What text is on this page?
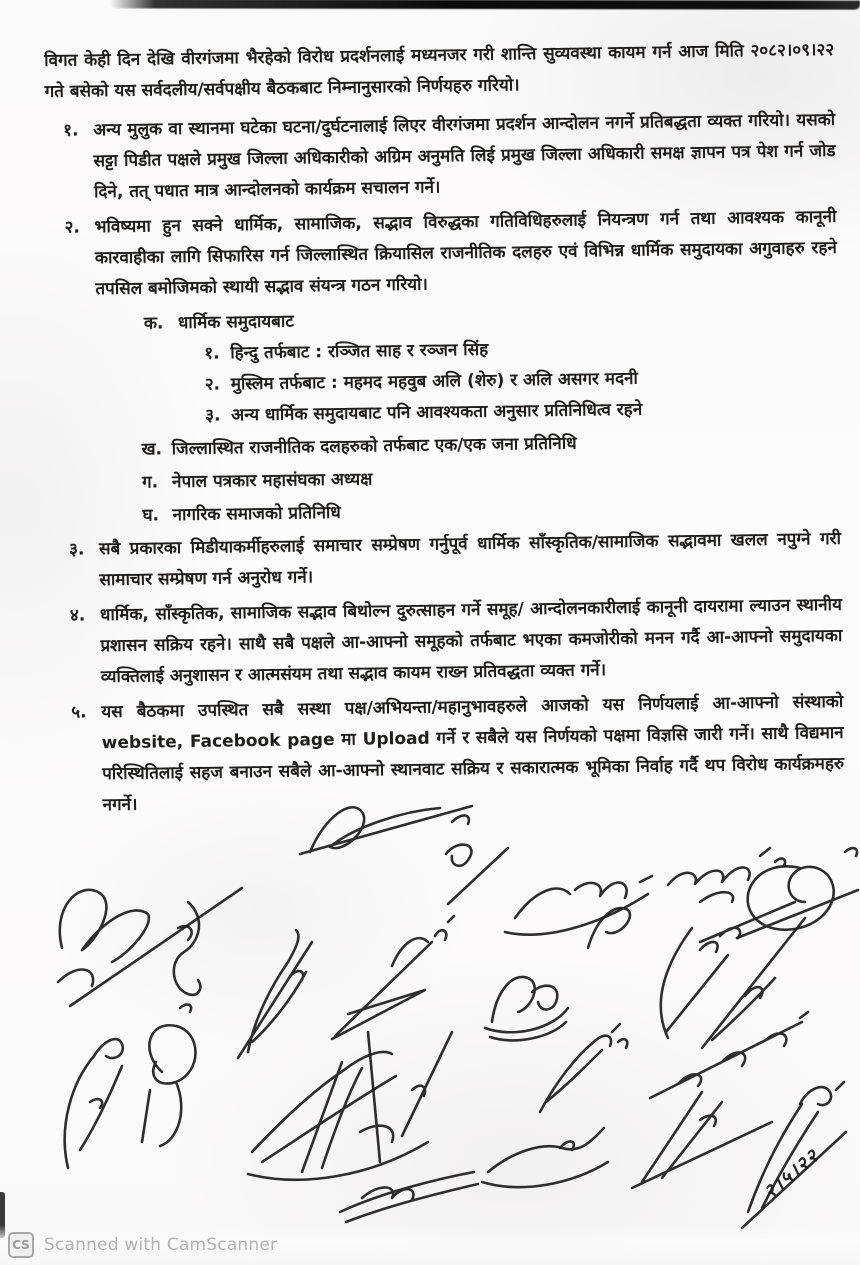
विगत केही दिन देखि वीरगंजमा भैरहेको विरोध प्रदर्शनलाई मध्यनजर गरी शान्ति सुव्यवस्था कायम गर्न आज मिति २०८२।०९।२२ गते बसेको यस सर्वदलीय/सर्वपक्षीय बैठकबाट निम्नानुसारको निर्णयहरु गरियो।

१. अन्य मुलुक वा स्थानमा घटेका घटना/दुर्घटनालाई लिएर वीरगंजमा प्रदर्शन आन्दोलन नगर्ने प्रतिबद्धता व्यक्त गरियो। यसको सट्टा पिडीत पक्षले प्रमुख जिल्ला अधिकारीको अग्रिम अनुमति लिई प्रमुख जिल्ला अधिकारी समक्ष ज्ञापन पत्र पेश गर्न जोड दिने, तत् पधात मात्र आन्दोलनको कार्यक्रम सचालन गर्ने।

२. भविष्यमा हुन सक्ने धार्मिक, सामाजिक, सद्भाव विरुद्धका गतिविधिहरुलाई नियन्त्रण गर्न तथा आवश्यक कानूनी कारवाहीका लागि सिफारिस गर्न जिल्लास्थित क्रियासिल राजनीतिक दलहरु एवं विभिन्न धार्मिक समुदायका अगुवाहरु रहने तपसिल बमोजिमको स्थायी सद्भाव संयन्त्र गठन गरियो।

क. धार्मिक समुदायबाट
१. हिन्दु तर्फबाट : रञ्जित साह र रञ्जन सिंह
२. मुस्लिम तर्फबाट : महमद महवुब अलि (शेरु) र अलि असगर मदनी
३. अन्य धार्मिक समुदायबाट पनि आवश्यकता अनुसार प्रतिनिधित्व रहने
ख. जिल्लास्थित राजनीतिक दलहरुको तर्फबाट एक/एक जना प्रतिनिधि
ग. नेपाल पत्रकार महासंघका अध्यक्ष
घ. नागरिक समाजको प्रतिनिधि
३. सबै प्रकारका मिडीयाकर्मीहरुलाई समाचार सम्प्रेषण गर्नुपूर्व धार्मिक साँस्कृतिक/सामाजिक सद्भावमा खलल नपुग्ने गरी सामाचार सम्प्रेषण गर्न अनुरोध गर्ने।

४. धार्मिक, साँस्कृतिक, सामाजिक सद्भाव बिथोल्न दुरुत्साहन गर्ने समूह/ आन्दोलनकारीलाई कानूनी दायरामा ल्याउन स्थानीय प्रशासन सक्रिय रहने। साथै सबै पक्षले आ-आफ्नो समूहको तर्फबाट भएका कमजोरीको मनन गर्दै आ-आफ्नो समुदायका व्यक्तिलाई अनुशासन र आत्मसंयम तथा सद्भाव कायम राख्न प्रतिवद्धता व्यक्त गर्ने।

५. यस बैठकमा उपस्थित सबै सस्था पक्ष/अभियन्ता/महानुभावहरुले आजको यस निर्णयलाई आ-आफ्नो संस्थाको website, Facebook page मा Upload गर्ने र सबैले यस निर्णयको पक्षमा विज्ञसि जारी गर्ने। साथै विद्यमान परिस्थितिलाई सहज बनाउन सबैले आ-आफ्नो स्थानवाट सक्रिय र सकारात्मक भूमिका निर्वाह गर्दै थप विरोध कार्यक्रमहरु नगर्ने।

२।५।२२
CS Scanned with CamScanner
